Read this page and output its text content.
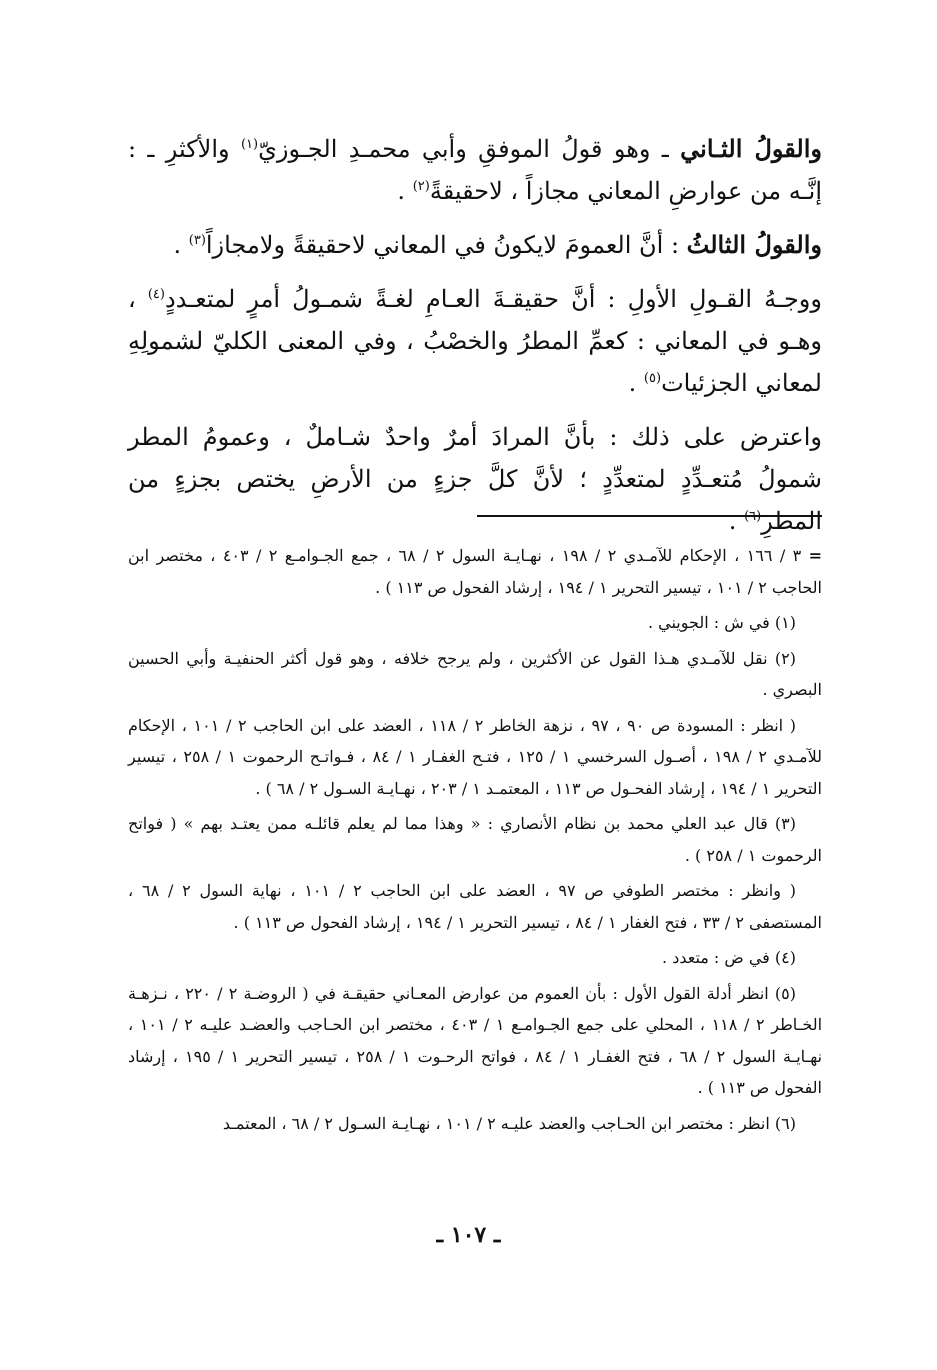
والقولُ الثـاني ـ وهو قولُ الموفقِ وأبي محمـدِ الجـوزيّ$^{(١)}$ والأكثرِ ـ : إنَّـه من عوارضِ المعاني مجازاً ، لاحقيقةً$^{(٢)}$ .

والقولُ الثالثُ : أنَّ العمومَ لايكونُ في المعاني لاحقيقةً ولامجازاً$^{(٣)}$ .

ووجـهُ القـولِ الأولِ : أنَّ حقيقـةَ العـامِ لغـةً شمـولُ أمرٍ لمتعـددٍ$^{(٤)}$ ، وهـو في المعاني : كعمِّ المطرُ والخصْبُ ، وفي المعنى الكليّ لشمولِهِ لمعاني الجزئيات$^{(٥)}$ .

واعترض على ذلك : بأنَّ المرادَ أمرٌ واحدٌ شـاملٌ ، وعمومُ المطر شمولُ مُتعـدِّدٍ لمتعدِّدٍ ؛ لأنَّ كلَّ جزءٍ من الأرضِ يختص بجزءٍ من المطرِ$^{(٦)}$ .

= ٣ / ١٦٦ ، الإحكام للآمـدي ٢ / ١٩٨ ، نهـايـة السول ٢ / ٦٨ ، جمع الجـوامـع ٢ / ٤٠٣ ، مختصر ابن الحاجب ٢ / ١٠١ ، تيسير التحرير ١ / ١٩٤ ، إرشاد الفحول ص ١١٣ ) .

(١) في ش : الجويني .

(٢) نقل للآمـدي هـذا القول عن الأكثرين ، ولم يرجح خلافه ، وهو قول أكثر الحنفيـة وأبي الحسين البصري .

( انظر : المسودة ص ٩٠ ، ٩٧ ، نزهة الخاطر ٢ / ١١٨ ، العضد على ابن الحاجب ٢ / ١٠١ ، الإحكام للآمـدي ٢ / ١٩٨ ، أصـول السرخسي ١ / ١٢٥ ، فتـح الغفـار ١ / ٨٤ ، فـواتـح الرحموت ١ / ٢٥٨ ، تيسير التحرير ١ / ١٩٤ ، إرشاد الفحـول ص ١١٣ ، المعتمـد ١ / ٢٠٣ ، نهـايـة السـول ٢ / ٦٨ ) .

(٣) قال عبد العلي محمد بن نظام الأنصاري : « وهذا مما لم يعلم قائلـه ممن يعتـد بهم » ( فواتح الرحموت ١ / ٢٥٨ ) .

( وانظر : مختصر الطوفي ص ٩٧ ، العضد على ابن الحاجب ٢ / ١٠١ ، نهاية السول ٢ / ٦٨ ، المستصفى ٢ / ٣٣ ، فتح الغفار ١ / ٨٤ ، تيسير التحرير ١ / ١٩٤ ، إرشاد الفحول ص ١١٣ ) .

(٤) في ض : متعدد .

(٥) انظر أدلة القول الأول : بأن العموم من عوارض المعـاني حقيقـة في ( الروضـة ٢ / ٢٢٠ ، نـزهـة الخـاطر ٢ / ١١٨ ، المحلي على جمع الجـوامـع ١ / ٤٠٣ ، مختصر ابن الحـاجب والعضـد عليـه ٢ / ١٠١ ، نهـايـة السول ٢ / ٦٨ ، فتح الغفـار ١ / ٨٤ ، فواتح الرحـوت ١ / ٢٥٨ ، تيسير التحرير ١ / ١٩٥ ، إرشاد الفحول ص ١١٣ ) .

(٦) انظر : مختصر ابن الحـاجب والعضد عليـه ٢ / ١٠١ ، نهـايـة السـول ٢ / ٦٨ ، المعتمـد

ـ ١٠٧ ـ
